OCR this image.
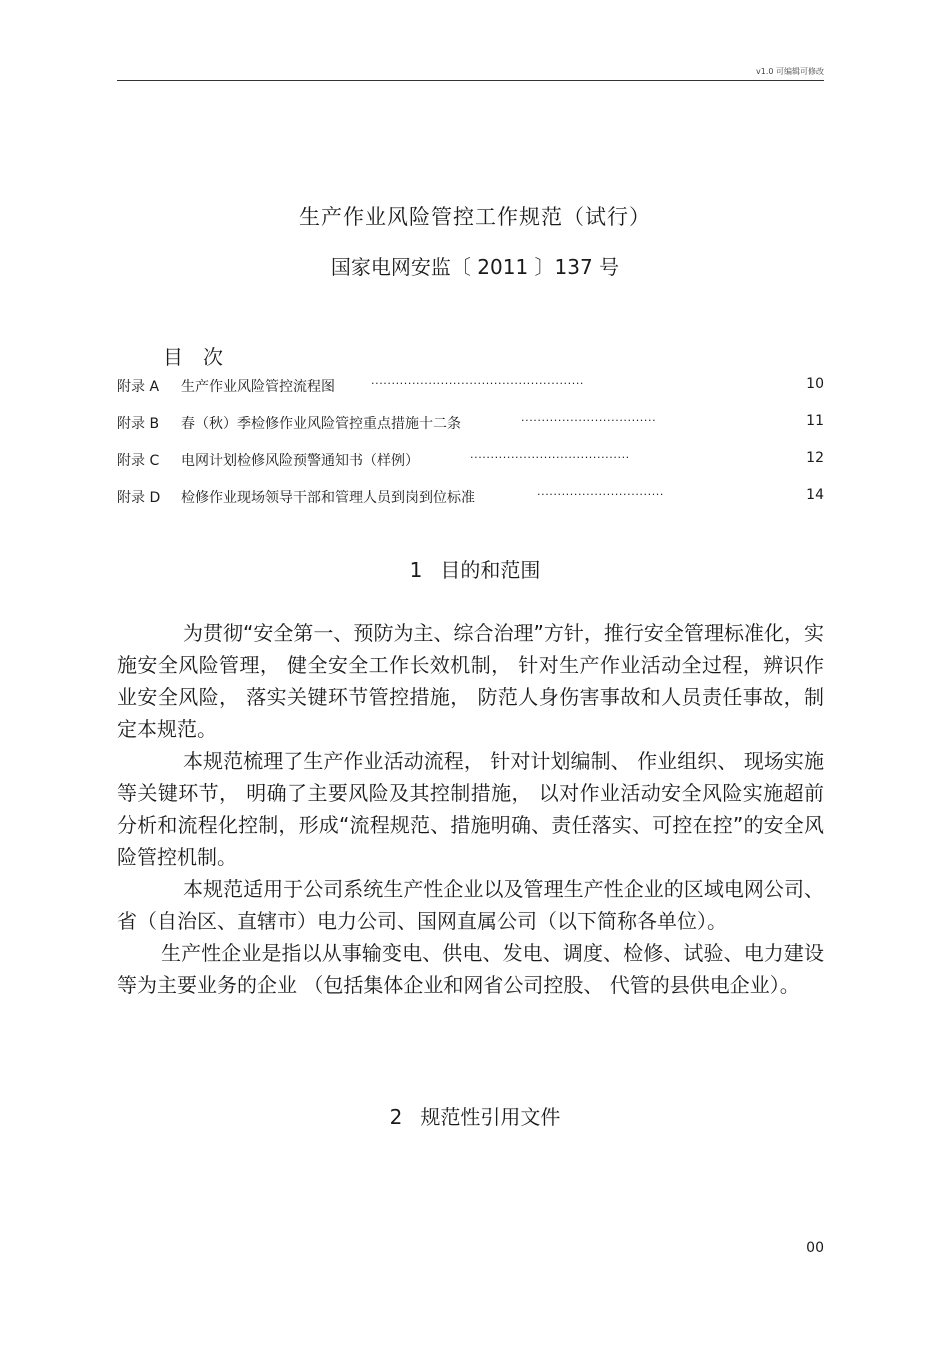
v1.0 可编辑可修改
生产作业风险管控工作规范（试行）
国家电网安监〔 2011 〕137 号
目次
附录 A 生产作业风险管控流程图	....................................................	10
附录 B 春（秋）季检修作业风险管控重点措施十二条	.................................	11
附录 C 电网计划检修风险预警通知书（样例）	.......................................	12
附录 D 检修作业现场领导干部和管理人员到岗到位标准	...............................	14
1 目的和范围

为贯彻“安全第一、预防为主、综合治理”方针，推行安全管理标准化，实施安全风险管理， 健全安全工作长效机制， 针对生产作业活动全过程，辨识作业安全风险， 落实关键环节管控措施， 防范人身伤害事故和人员责任事故，制定本规范。

本规范梳理了生产作业活动流程， 针对计划编制、 作业组织、 现场实施等关键环节， 明确了主要风险及其控制措施， 以对作业活动安全风险实施超前分析和流程化控制，形成“流程规范、措施明确、责任落实、可控在控”的安全风险管控机制。

本规范适用于公司系统生产性企业以及管理生产性企业的区域电网公司、省（自治区、直辖市）电力公司、国网直属公司（以下简称各单位）。

生产性企业是指以从事输变电、供电、发电、调度、检修、试验、电力建设等为主要业务的企业 （包括集体企业和网省公司控股、 代管的县供电企业）。

2 规范性引用文件
00
